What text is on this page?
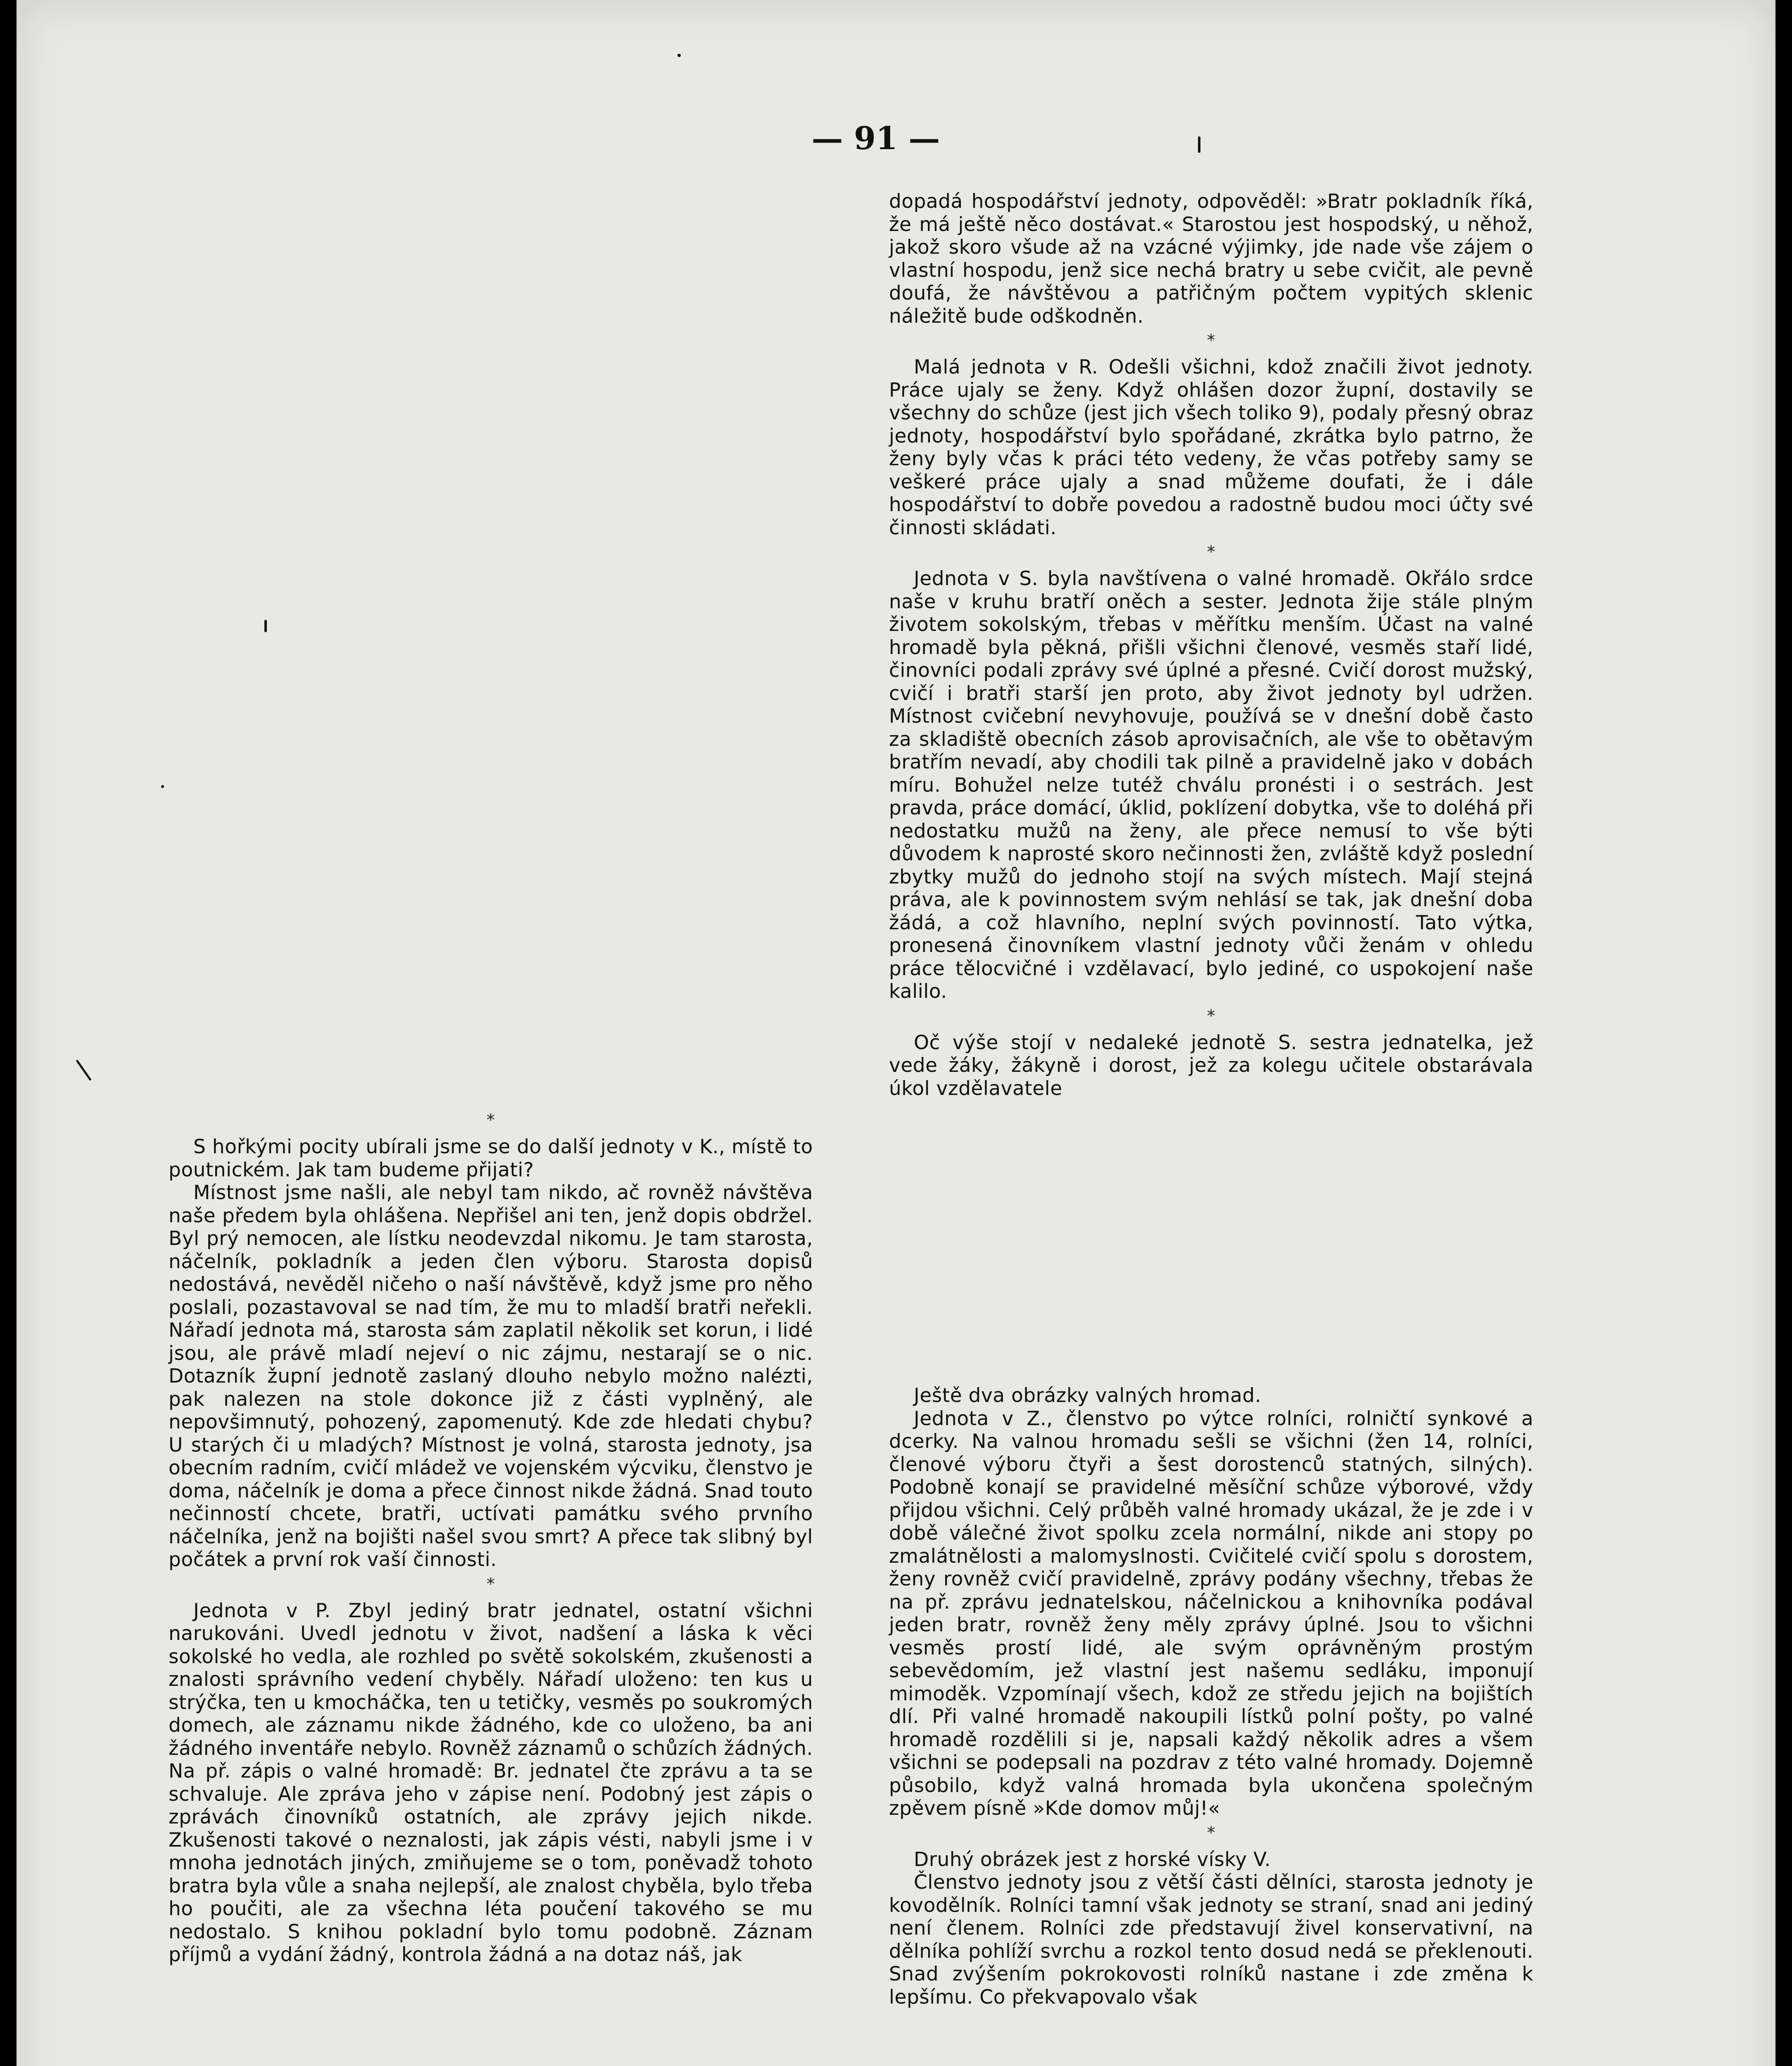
— 91 —

dopadá hospodářství jednoty, odpověděl: »Bratr pokladník říká, že má ještě něco dostávat.« Starostou jest hospodský, u něhož, jakož skoro všude až na vzácné výjimky, jde nade vše zájem o vlastní hospodu, jenž sice nechá bratry u sebe cvičit, ale pevně doufá, že návštěvou a patřičným počtem vypitých sklenic náležitě bude odškodněn.

*

Malá jednota v R. Odešli všichni, kdož značili život jednoty. Práce ujaly se ženy. Když ohlášen dozor župní, dostavily se všechny do schůze (jest jich všech toliko 9), podaly přesný obraz jednoty, hospodářství bylo spořádané, zkrátka bylo patrno, že ženy byly včas k práci této vedeny, že včas potřeby samy se veškeré práce ujaly a snad můžeme doufati, že i dále hospodářství to dobře povedou a radostně budou moci účty své činnosti skládati.

*

Jednota v S. byla navštívena o valné hromadě. Okřálo srdce naše v kruhu bratří oněch a sester. Jednota žije stále plným životem sokolským, třebas v měřítku menším. Účast na valné hromadě byla pěkná, přišli všichni členové, vesměs staří lidé, činovníci podali zprávy své úplné a přesné. Cvičí dorost mužský, cvičí i bratři starší jen proto, aby život jednoty byl udržen. Místnost cvičební nevyhovuje, používá se v dnešní době často za skladiště obecních zásob aprovisačních, ale vše to obětavým bratřím nevadí, aby chodili tak pilně a pravidelně jako v dobách míru. Bohužel nelze tutéž chválu pronésti i o sestrách. Jest pravda, práce domácí, úklid, poklízení dobytka, vše to doléhá při nedostatku mužů na ženy, ale přece nemusí to vše býti důvodem k naprosté skoro nečinnosti žen, zvláště když poslední zbytky mužů do jednoho stojí na svých místech. Mají stejná práva, ale k povinnostem svým nehlásí se tak, jak dnešní doba žádá, a což hlavního, neplní svých povinností. Tato výtka, pronesená činovníkem vlastní jednoty vůči ženám v ohledu práce tělocvičné i vzdělavací, bylo jediné, co uspokojení naše kalilo.

*

Oč výše stojí v nedaleké jednotě S. sestra jednatelka, jež vede žáky, žákyně i dorost, jež za kolegu učitele obstarávala úkol vzdělavatele

*

S hořkými pocity ubírali jsme se do další jednoty v K., místě to poutnickém. Jak tam budeme přijati?

Místnost jsme našli, ale nebyl tam nikdo, ač rovněž návštěva naše předem byla ohlášena. Nepřišel ani ten, jenž dopis obdržel. Byl prý nemocen, ale lístku neodevzdal nikomu. Je tam starosta, náčelník, pokladník a jeden člen výboru. Starosta dopisů nedostává, nevěděl ničeho o naší návštěvě, když jsme pro něho poslali, pozastavoval se nad tím, že mu to mladší bratři neřekli. Nářadí jednota má, starosta sám zaplatil několik set korun, i lidé jsou, ale právě mladí nejeví o nic zájmu, nestarají se o nic. Dotazník župní jednotě zaslaný dlouho nebylo možno nalézti, pak nalezen na stole dokonce již z části vyplněný, ale nepovšimnutý, pohozený, zapomenutý. Kde zde hledati chybu? U starých či u mladých? Místnost je volná, starosta jednoty, jsa obecním radním, cvičí mládež ve vojenském výcviku, členstvo je doma, náčelník je doma a přece činnost nikde žádná. Snad touto nečinností chcete, bratři, uctívati památku svého prvního náčelníka, jenž na bojišti našel svou smrt? A přece tak slibný byl počátek a první rok vaší činnosti.

*

Jednota v P. Zbyl jediný bratr jednatel, ostatní všichni narukováni. Uvedl jednotu v život, nadšení a láska k věci sokolské ho vedla, ale rozhled po světě sokolském, zkušenosti a znalosti správního vedení chyběly. Nářadí uloženo: ten kus u strýčka, ten u kmocháčka, ten u tetičky, vesměs po soukromých domech, ale záznamu nikde žádného, kde co uloženo, ba ani žádného inventáře nebylo. Rovněž záznamů o schůzích žádných. Na př. zápis o valné hromadě: Br. jednatel čte zprávu a ta se schvaluje. Ale zpráva jeho v zápise není. Podobný jest zápis o zprávách činovníků ostatních, ale zprávy jejich nikde. Zkušenosti takové o neznalosti, jak zápis vésti, nabyli jsme i v mnoha jednotách jiných, zmiňujeme se o tom, poněvadž tohoto bratra byla vůle a snaha nejlepší, ale znalost chyběla, bylo třeba ho poučiti, ale za všechna léta poučení takového se mu nedostalo. S knihou pokladní bylo tomu podobně. Záznam příjmů a vydání žádný, kontrola žádná a na dotaz náš, jak

Ještě dva obrázky valných hromad.

Jednota v Z., členstvo po výtce rolníci, rolničtí synkové a dcerky. Na valnou hromadu sešli se všichni (žen 14, rolníci, členové výboru čtyři a šest dorostenců statných, silných). Podobně konají se pravidelné měsíční schůze výborové, vždy přijdou všichni. Celý průběh valné hromady ukázal, že je zde i v době válečné život spolku zcela normální, nikde ani stopy po zmalátnělosti a malomyslnosti. Cvičitelé cvičí spolu s dorostem, ženy rovněž cvičí pravidelně, zprávy podány všechny, třebas že na př. zprávu jednatelskou, náčelnickou a knihovníka podával jeden bratr, rovněž ženy měly zprávy úplné. Jsou to všichni vesměs prostí lidé, ale svým oprávněným prostým sebevědomím, jež vlastní jest našemu sedláku, imponují mimoděk. Vzpomínají všech, kdož ze středu jejich na bojištích dlí. Při valné hromadě nakoupili lístků polní pošty, po valné hromadě rozdělili si je, napsali každý několik adres a všem všichni se podepsali na pozdrav z této valné hromady. Dojemně působilo, když valná hromada byla ukončena společným zpěvem písně »Kde domov můj!«

*

Druhý obrázek jest z horské vísky V.

Členstvo jednoty jsou z větší části dělníci, starosta jednoty je kovodělník. Rolníci tamní však jednoty se straní, snad ani jediný není členem. Rolníci zde představují živel konservativní, na dělníka pohlíží svrchu a rozkol tento dosud nedá se překlenouti. Snad zvýšením pokrokovosti rolníků nastane i zde změna k lepšímu. Co překvapovalo však
